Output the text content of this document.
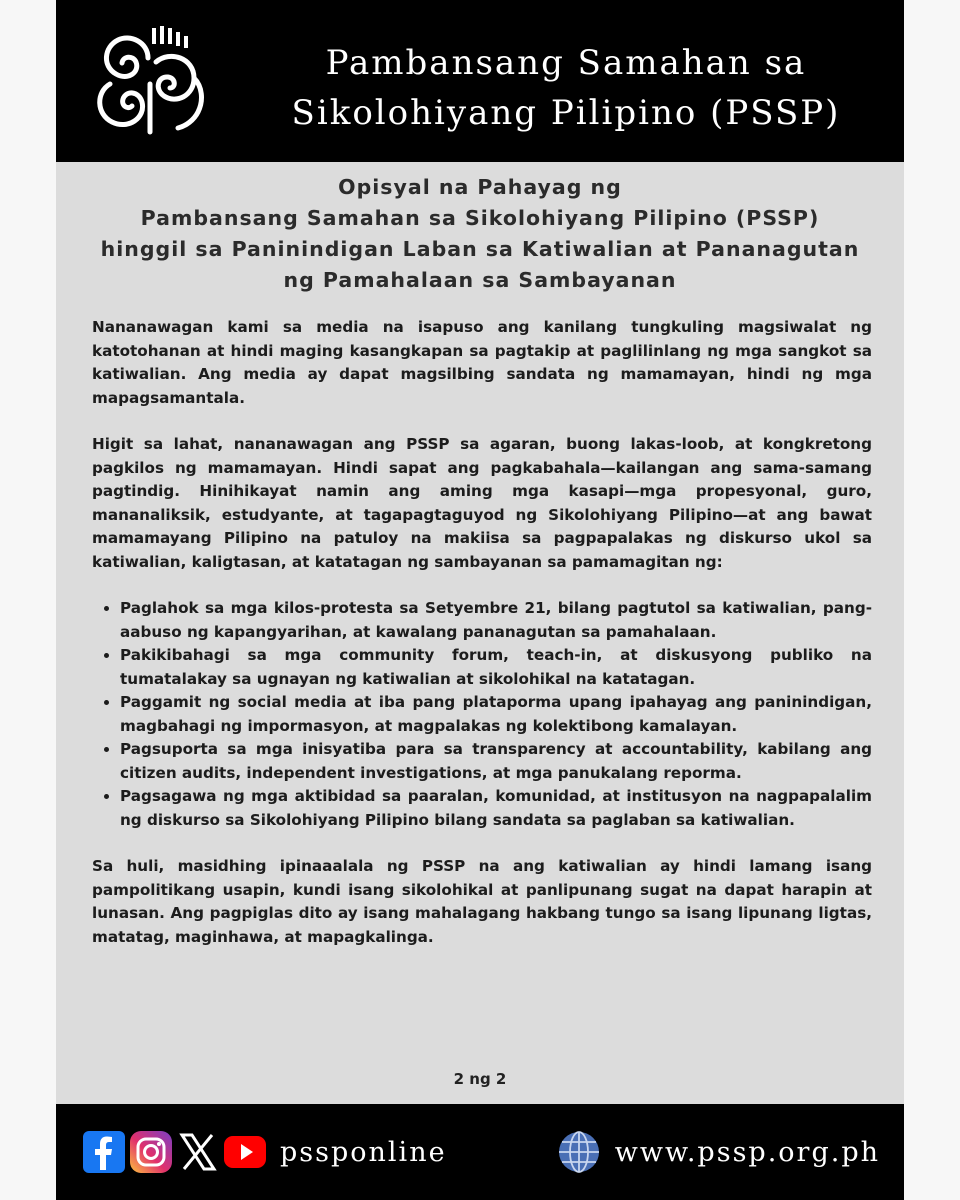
Pambansang Samahan sa
Sikolohiyang Pilipino (PSSP)
Opisyal na Pahayag ng
Pambansang Samahan sa Sikolohiyang Pilipino (PSSP)
hinggil sa Paninindigan Laban sa Katiwalian at Pananagutan
ng Pamahalaan sa Sambayanan

Nananawagan kami sa media na isapuso ang kanilang tungkuling magsiwalat ng katotohanan at hindi maging kasangkapan sa pagtakip at paglilinlang ng mga sangkot sa katiwalian. Ang media ay dapat magsilbing sandata ng mamamayan, hindi ng mga mapagsamantala.

Higit sa lahat, nananawagan ang PSSP sa agaran, buong lakas-loob, at kongkretong pagkilos ng mamamayan. Hindi sapat ang pagkabahala—kailangan ang sama-samang pagtindig. Hinihikayat namin ang aming mga kasapi—mga propesyonal, guro, mananaliksik, estudyante, at tagapagtaguyod ng Sikolohiyang Pilipino—at ang bawat mamamayang Pilipino na patuloy na makiisa sa pagpapalakas ng diskurso ukol sa katiwalian, kaligtasan, at katatagan ng sambayanan sa pamamagitan ng:

• Paglahok sa mga kilos-protesta sa Setyembre 21, bilang pagtutol sa katiwalian, pang-aabuso ng kapangyarihan, at kawalang pananagutan sa pamahalaan.
• Pakikibahagi sa mga community forum, teach-in, at diskusyong publiko na tumatalakay sa ugnayan ng katiwalian at sikolohikal na katatagan.
• Paggamit ng social media at iba pang plataporma upang ipahayag ang paninindigan, magbahagi ng impormasyon, at magpalakas ng kolektibong kamalayan.
• Pagsuporta sa mga inisyatiba para sa transparency at accountability, kabilang ang citizen audits, independent investigations, at mga panukalang reporma.
• Pagsagawa ng mga aktibidad sa paaralan, komunidad, at institusyon na nagpapalalim ng diskurso sa Sikolohiyang Pilipino bilang sandata sa paglaban sa katiwalian.

Sa huli, masidhing ipinaaalala ng PSSP na ang katiwalian ay hindi lamang isang pampolitikang usapin, kundi isang sikolohikal at panlipunang sugat na dapat harapin at lunasan. Ang pagpiglas dito ay isang mahalagang hakbang tungo sa isang lipunang ligtas, matatag, maginhawa, at mapagkalinga.

2 ng 2
pssponline	www.pssp.org.ph
